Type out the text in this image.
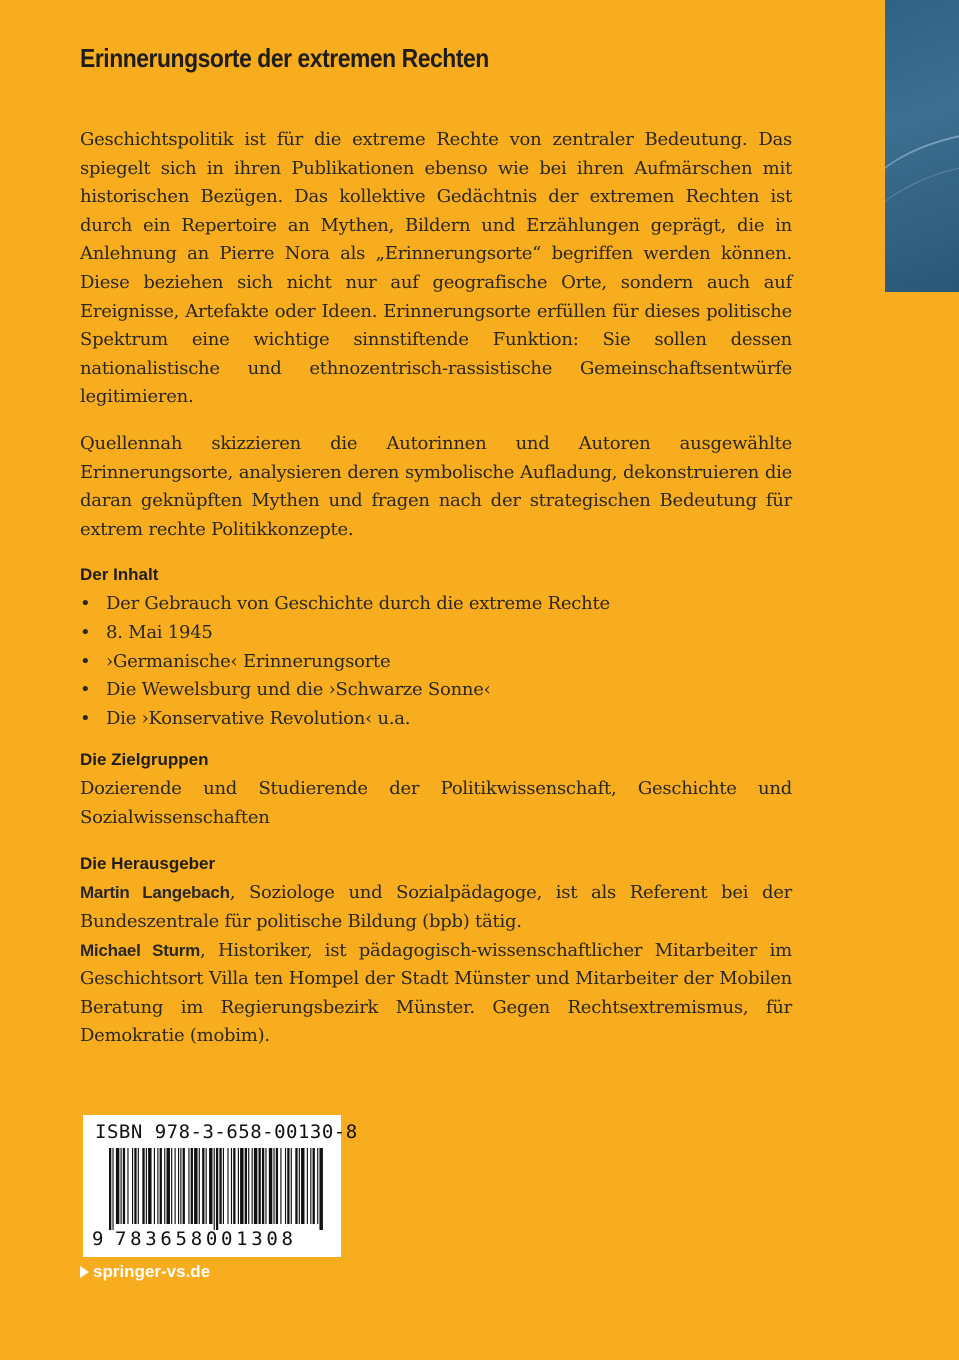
Erinnerungsorte der extremen Rechten

Geschichtspolitik ist für die extreme Rechte von zentraler Bedeutung. Das spiegelt sich in ihren Publikationen ebenso wie bei ihren Aufmärschen mit historischen Bezügen. Das kollektive Gedächtnis der extremen Rechten ist durch ein Repertoire an Mythen, Bildern und Erzählungen geprägt, die in Anlehnung an Pierre Nora als „Erinnerungsorte“ begriffen werden können. Diese beziehen sich nicht nur auf geografische Orte, sondern auch auf Ereignisse, Artefakte oder Ideen. Erinnerungsorte erfüllen für dieses politische Spektrum eine wichtige sinnstiftende Funktion: Sie sollen dessen nationalistische und ethnozentrisch-rassistische Gemeinschaftsentwürfe legitimieren.

Quellennah skizzieren die Autorinnen und Autoren ausgewählte Erinnerungsorte, analysieren deren symbolische Aufladung, dekonstruieren die daran geknüpften Mythen und fragen nach der strategischen Bedeutung für extrem rechte Politikkonzepte.

Der Inhalt
• Der Gebrauch von Geschichte durch die extreme Rechte
• 8. Mai 1945
• ›Germanische‹ Erinnerungsorte
• Die Wewelsburg und die ›Schwarze Sonne‹
• Die ›Konservative Revolution‹ u.a.
Die Zielgruppen

Dozierende und Studierende der Politikwissenschaft, Geschichte und Sozialwissenschaften

Die Herausgeber

Martin Langebach, Soziologe und Sozialpädagoge, ist als Referent bei der Bundeszentrale für politische Bildung (bpb) tätig.

Michael Sturm, Historiker, ist pädagogisch-wissenschaftlicher Mitarbeiter im Geschichtsort Villa ten Hompel der Stadt Münster und Mitarbeiter der Mobilen Beratung im Regierungsbezirk Münster. Gegen Rechtsextremismus, für Demokratie (mobim).

ISBN 978-3-658-00130-8
9 783658001308
springer-vs.de
